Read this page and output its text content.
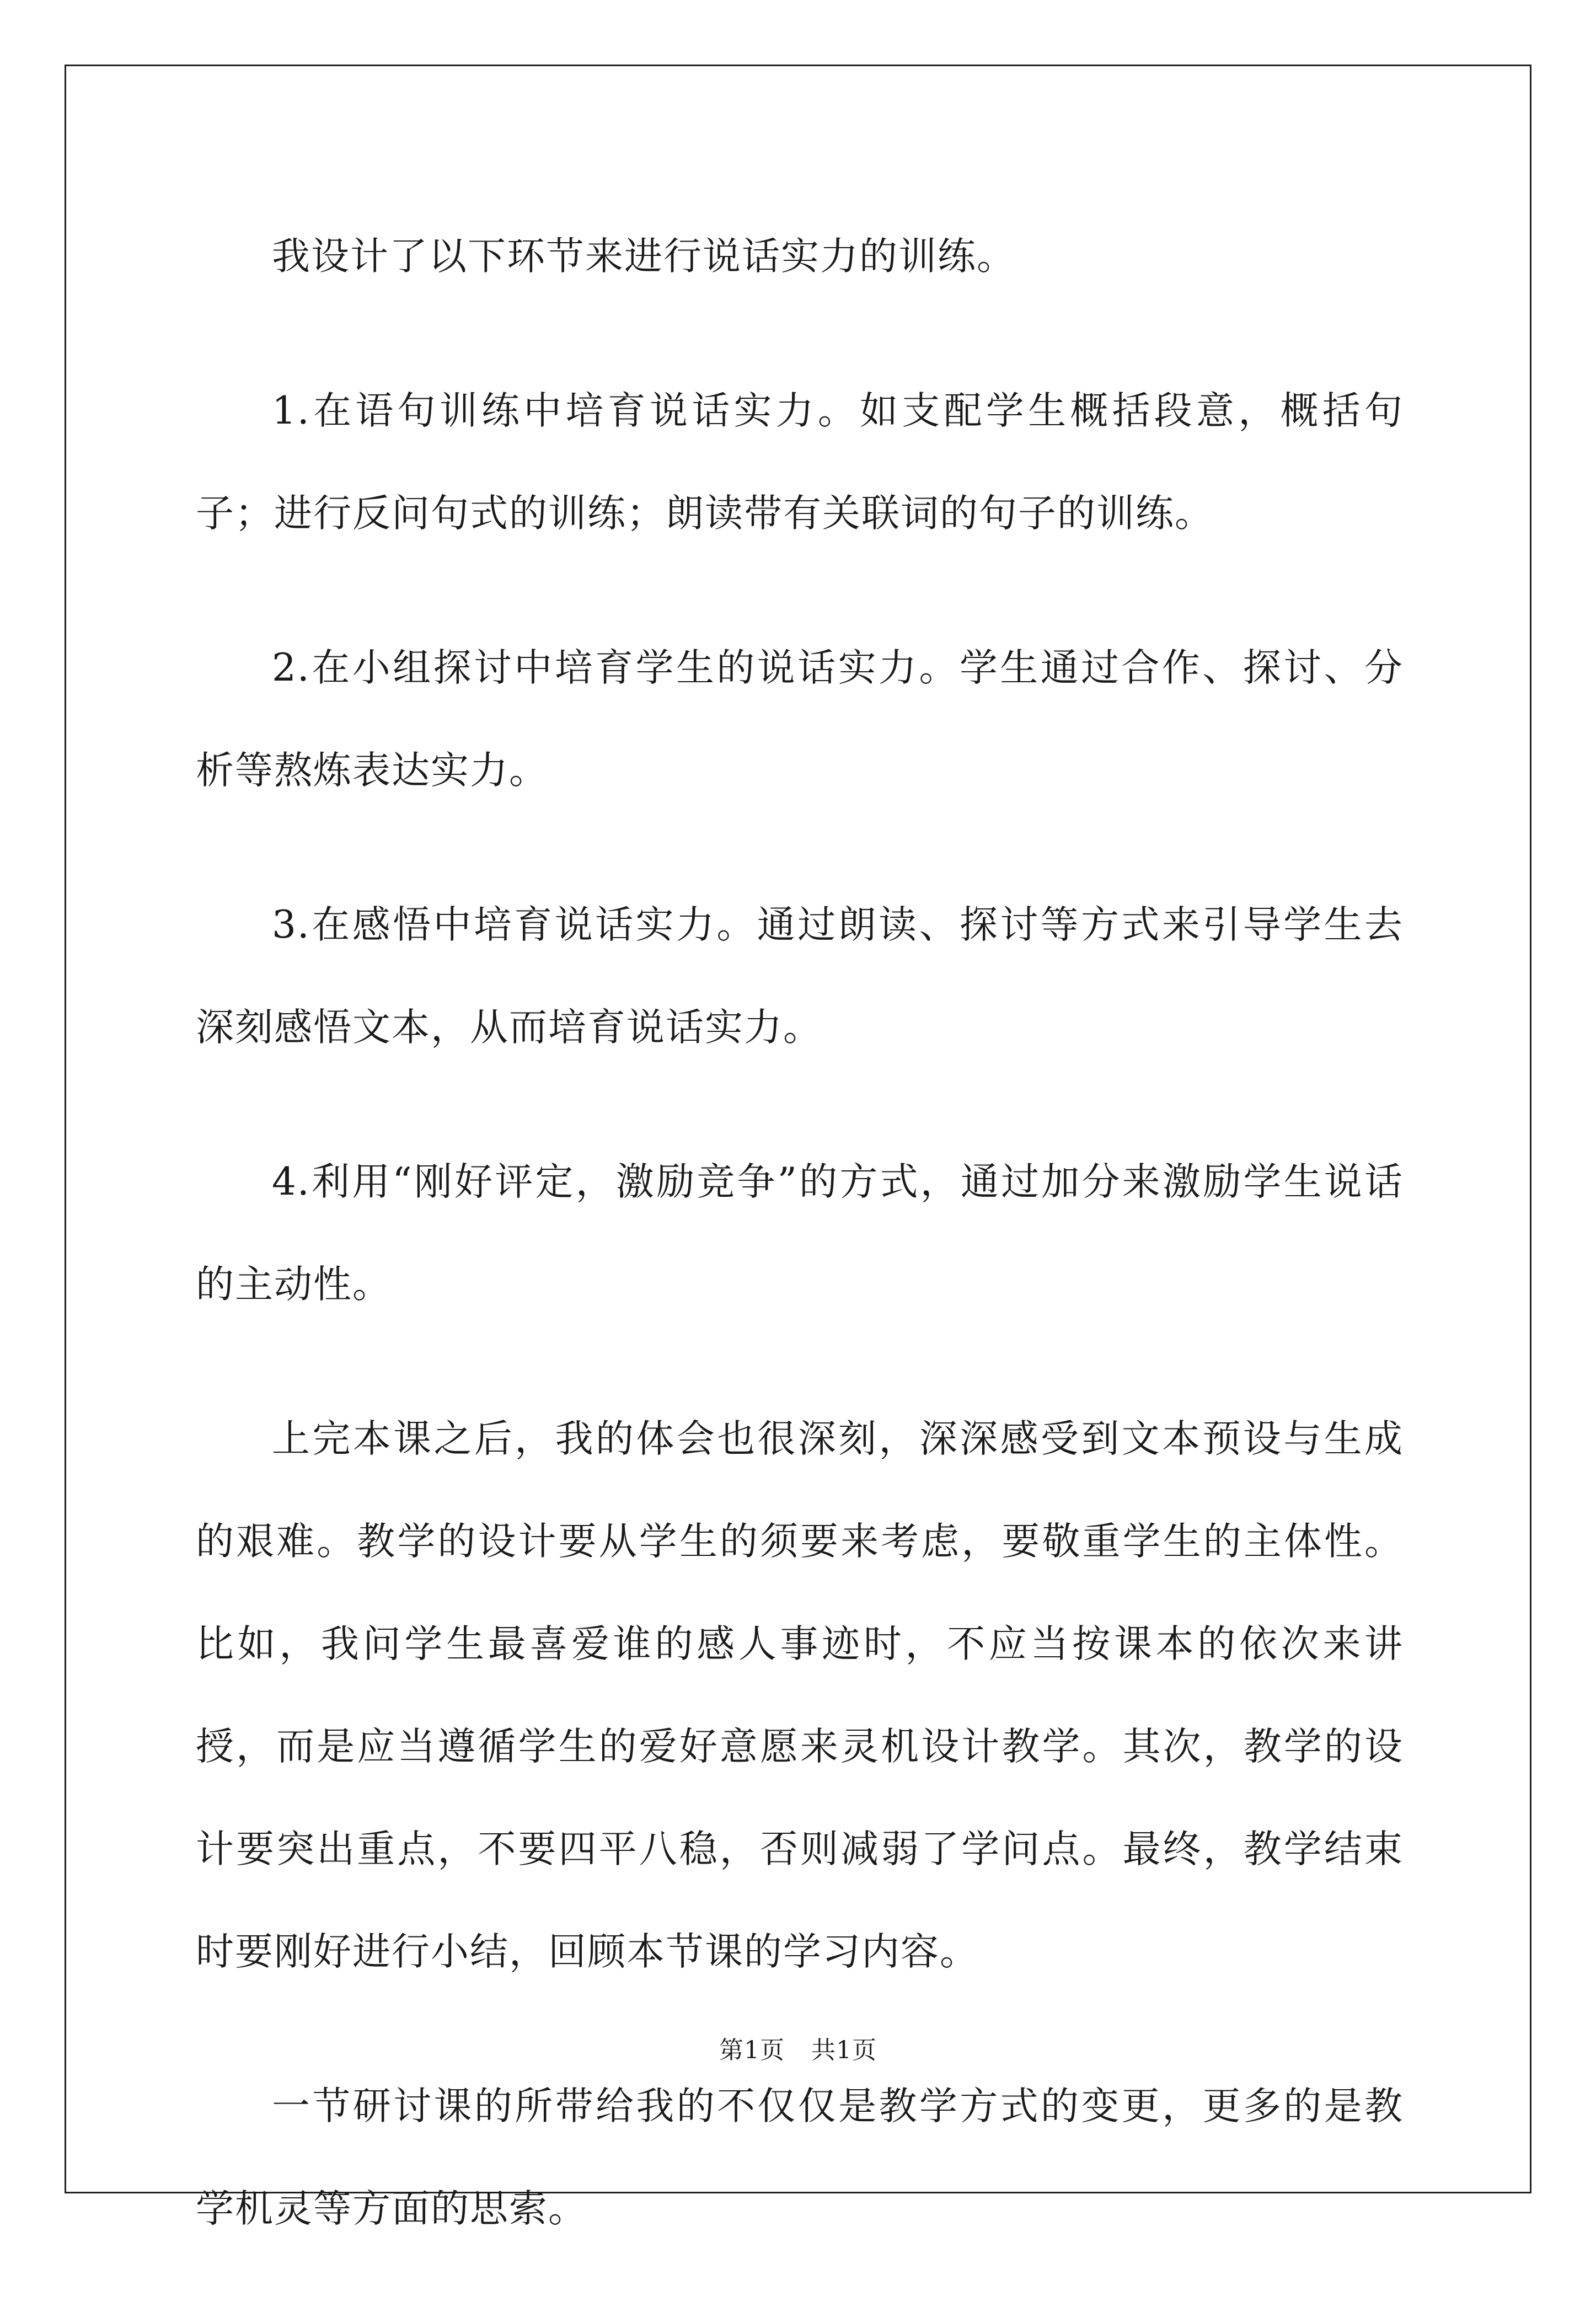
我设计了以下环节来进行说话实力的训练。

1.在语句训练中培育说话实力。如支配学生概括段意，概括句子；进行反问句式的训练；朗读带有关联词的句子的训练。

2.在小组探讨中培育学生的说话实力。学生通过合作、探讨、分析等熬炼表达实力。

3.在感悟中培育说话实力。通过朗读、探讨等方式来引导学生去深刻感悟文本，从而培育说话实力。

4.利用“刚好评定，激励竞争”的方式，通过加分来激励学生说话的主动性。

上完本课之后，我的体会也很深刻，深深感受到文本预设与生成的艰难。教学的设计要从学生的须要来考虑，要敬重学生的主体性。比如，我问学生最喜爱谁的感人事迹时，不应当按课本的依次来讲授，而是应当遵循学生的爱好意愿来灵机设计教学。其次，教学的设计要突出重点，不要四平八稳，否则减弱了学问点。最终，教学结束时要刚好进行小结，回顾本节课的学习内容。

一节研讨课的所带给我的不仅仅是教学方式的变更，更多的是教学机灵等方面的思索。

第1页 共1页
